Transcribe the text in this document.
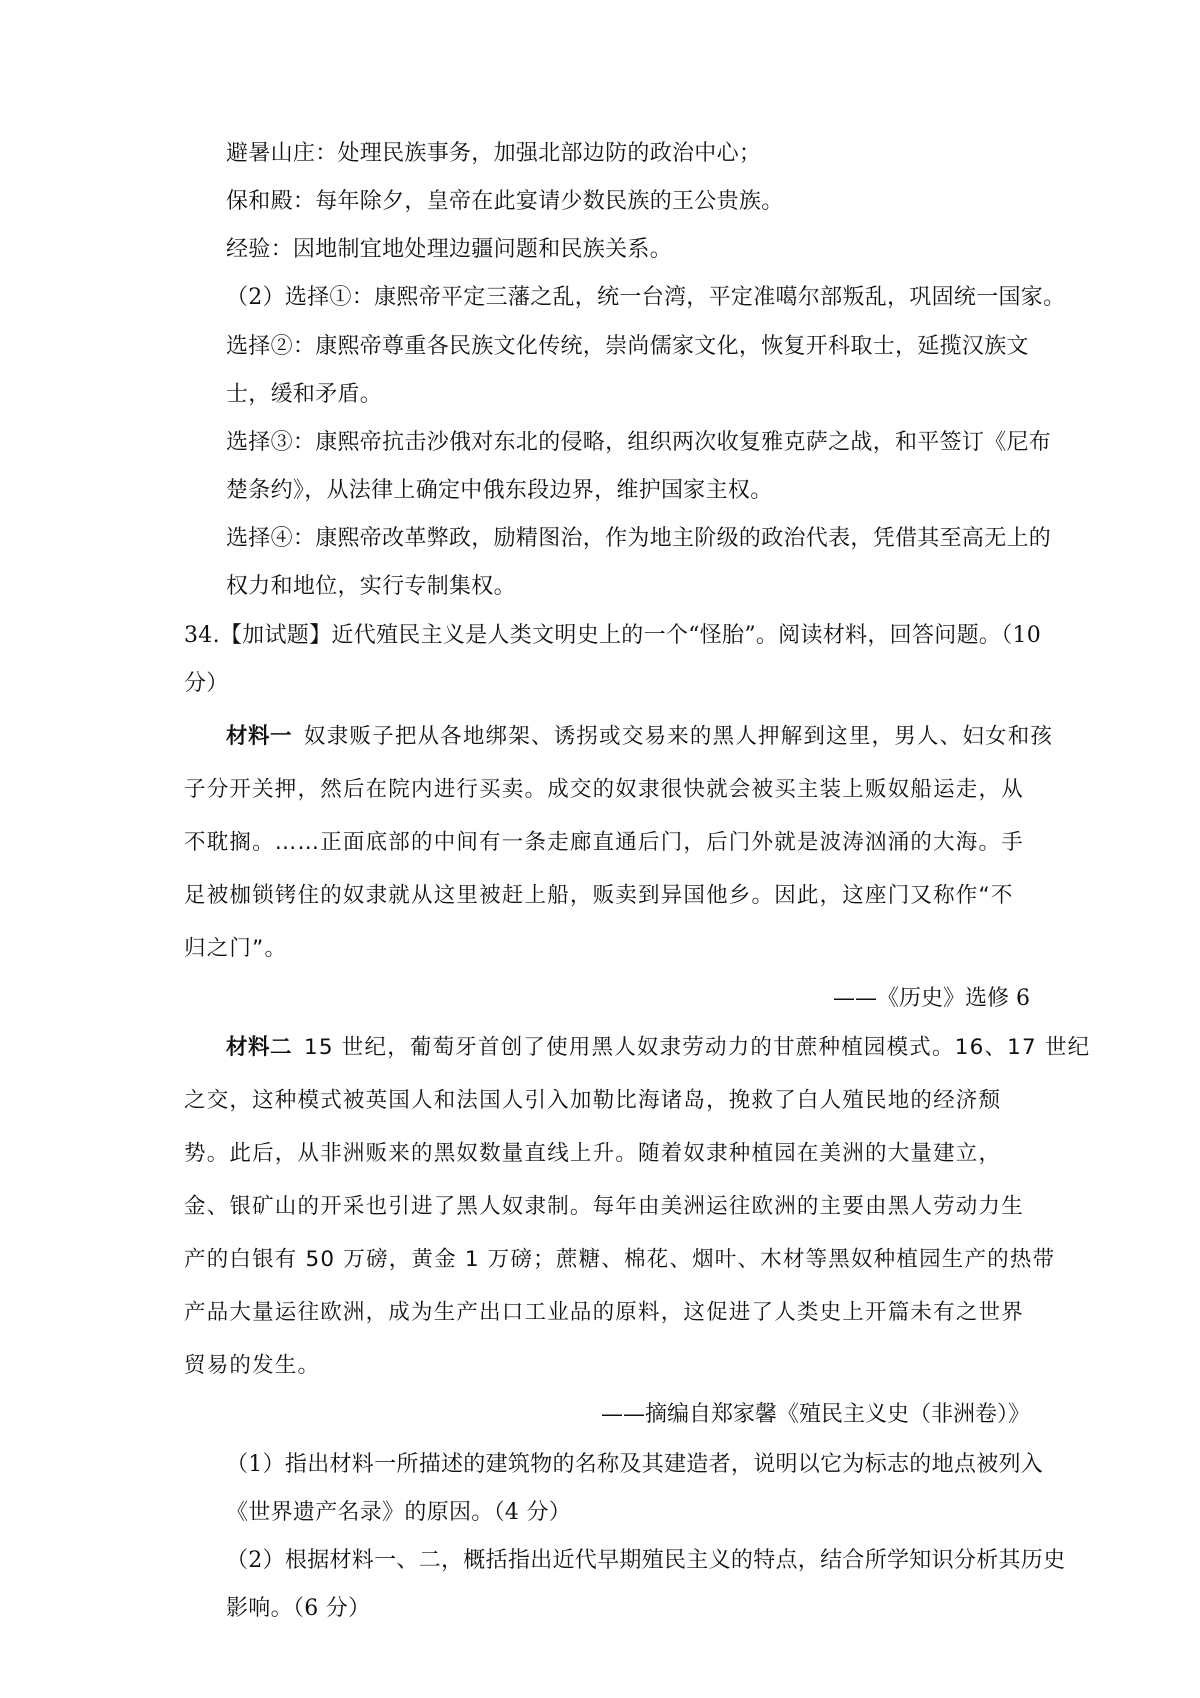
避暑山庄：处理民族事务，加强北部边防的政治中心；

保和殿：每年除夕，皇帝在此宴请少数民族的王公贵族。

经验：因地制宜地处理边疆问题和民族关系。

（2）选择①：康熙帝平定三藩之乱，统一台湾，平定准噶尔部叛乱，巩固统一国家。

选择②：康熙帝尊重各民族文化传统，崇尚儒家文化，恢复开科取士，延揽汉族文

士，缓和矛盾。

选择③：康熙帝抗击沙俄对东北的侵略，组织两次收复雅克萨之战，和平签订《尼布

楚条约》，从法律上确定中俄东段边界，维护国家主权。

选择④：康熙帝改革弊政，励精图治，作为地主阶级的政治代表，凭借其至高无上的

权力和地位，实行专制集权。

34.【加试题】近代殖民主义是人类文明史上的一个“怪胎”。阅读材料，回答问题。（10

分）

材料一 奴隶贩子把从各地绑架、诱拐或交易来的黑人押解到这里，男人、妇女和孩

子分开关押，然后在院内进行买卖。成交的奴隶很快就会被买主装上贩奴船运走，从

不耽搁。……正面底部的中间有一条走廊直通后门，后门外就是波涛汹涌的大海。手

足被枷锁铐住的奴隶就从这里被赶上船，贩卖到异国他乡。因此，这座门又称作“不

归之门”。

——《历史》选修 6

材料二 15 世纪，葡萄牙首创了使用黑人奴隶劳动力的甘蔗种植园模式。16、17 世纪

之交，这种模式被英国人和法国人引入加勒比海诸岛，挽救了白人殖民地的经济颓

势。此后，从非洲贩来的黑奴数量直线上升。随着奴隶种植园在美洲的大量建立，

金、银矿山的开采也引进了黑人奴隶制。每年由美洲运往欧洲的主要由黑人劳动力生

产的白银有 50 万磅，黄金 1 万磅；蔗糖、棉花、烟叶、木材等黑奴种植园生产的热带

产品大量运往欧洲，成为生产出口工业品的原料，这促进了人类史上开篇未有之世界

贸易的发生。

——摘编自郑家馨《殖民主义史（非洲卷）》

（1）指出材料一所描述的建筑物的名称及其建造者，说明以它为标志的地点被列入

《世界遗产名录》的原因。（4 分）

（2）根据材料一、二，概括指出近代早期殖民主义的特点，结合所学知识分析其历史

影响。（6 分）
